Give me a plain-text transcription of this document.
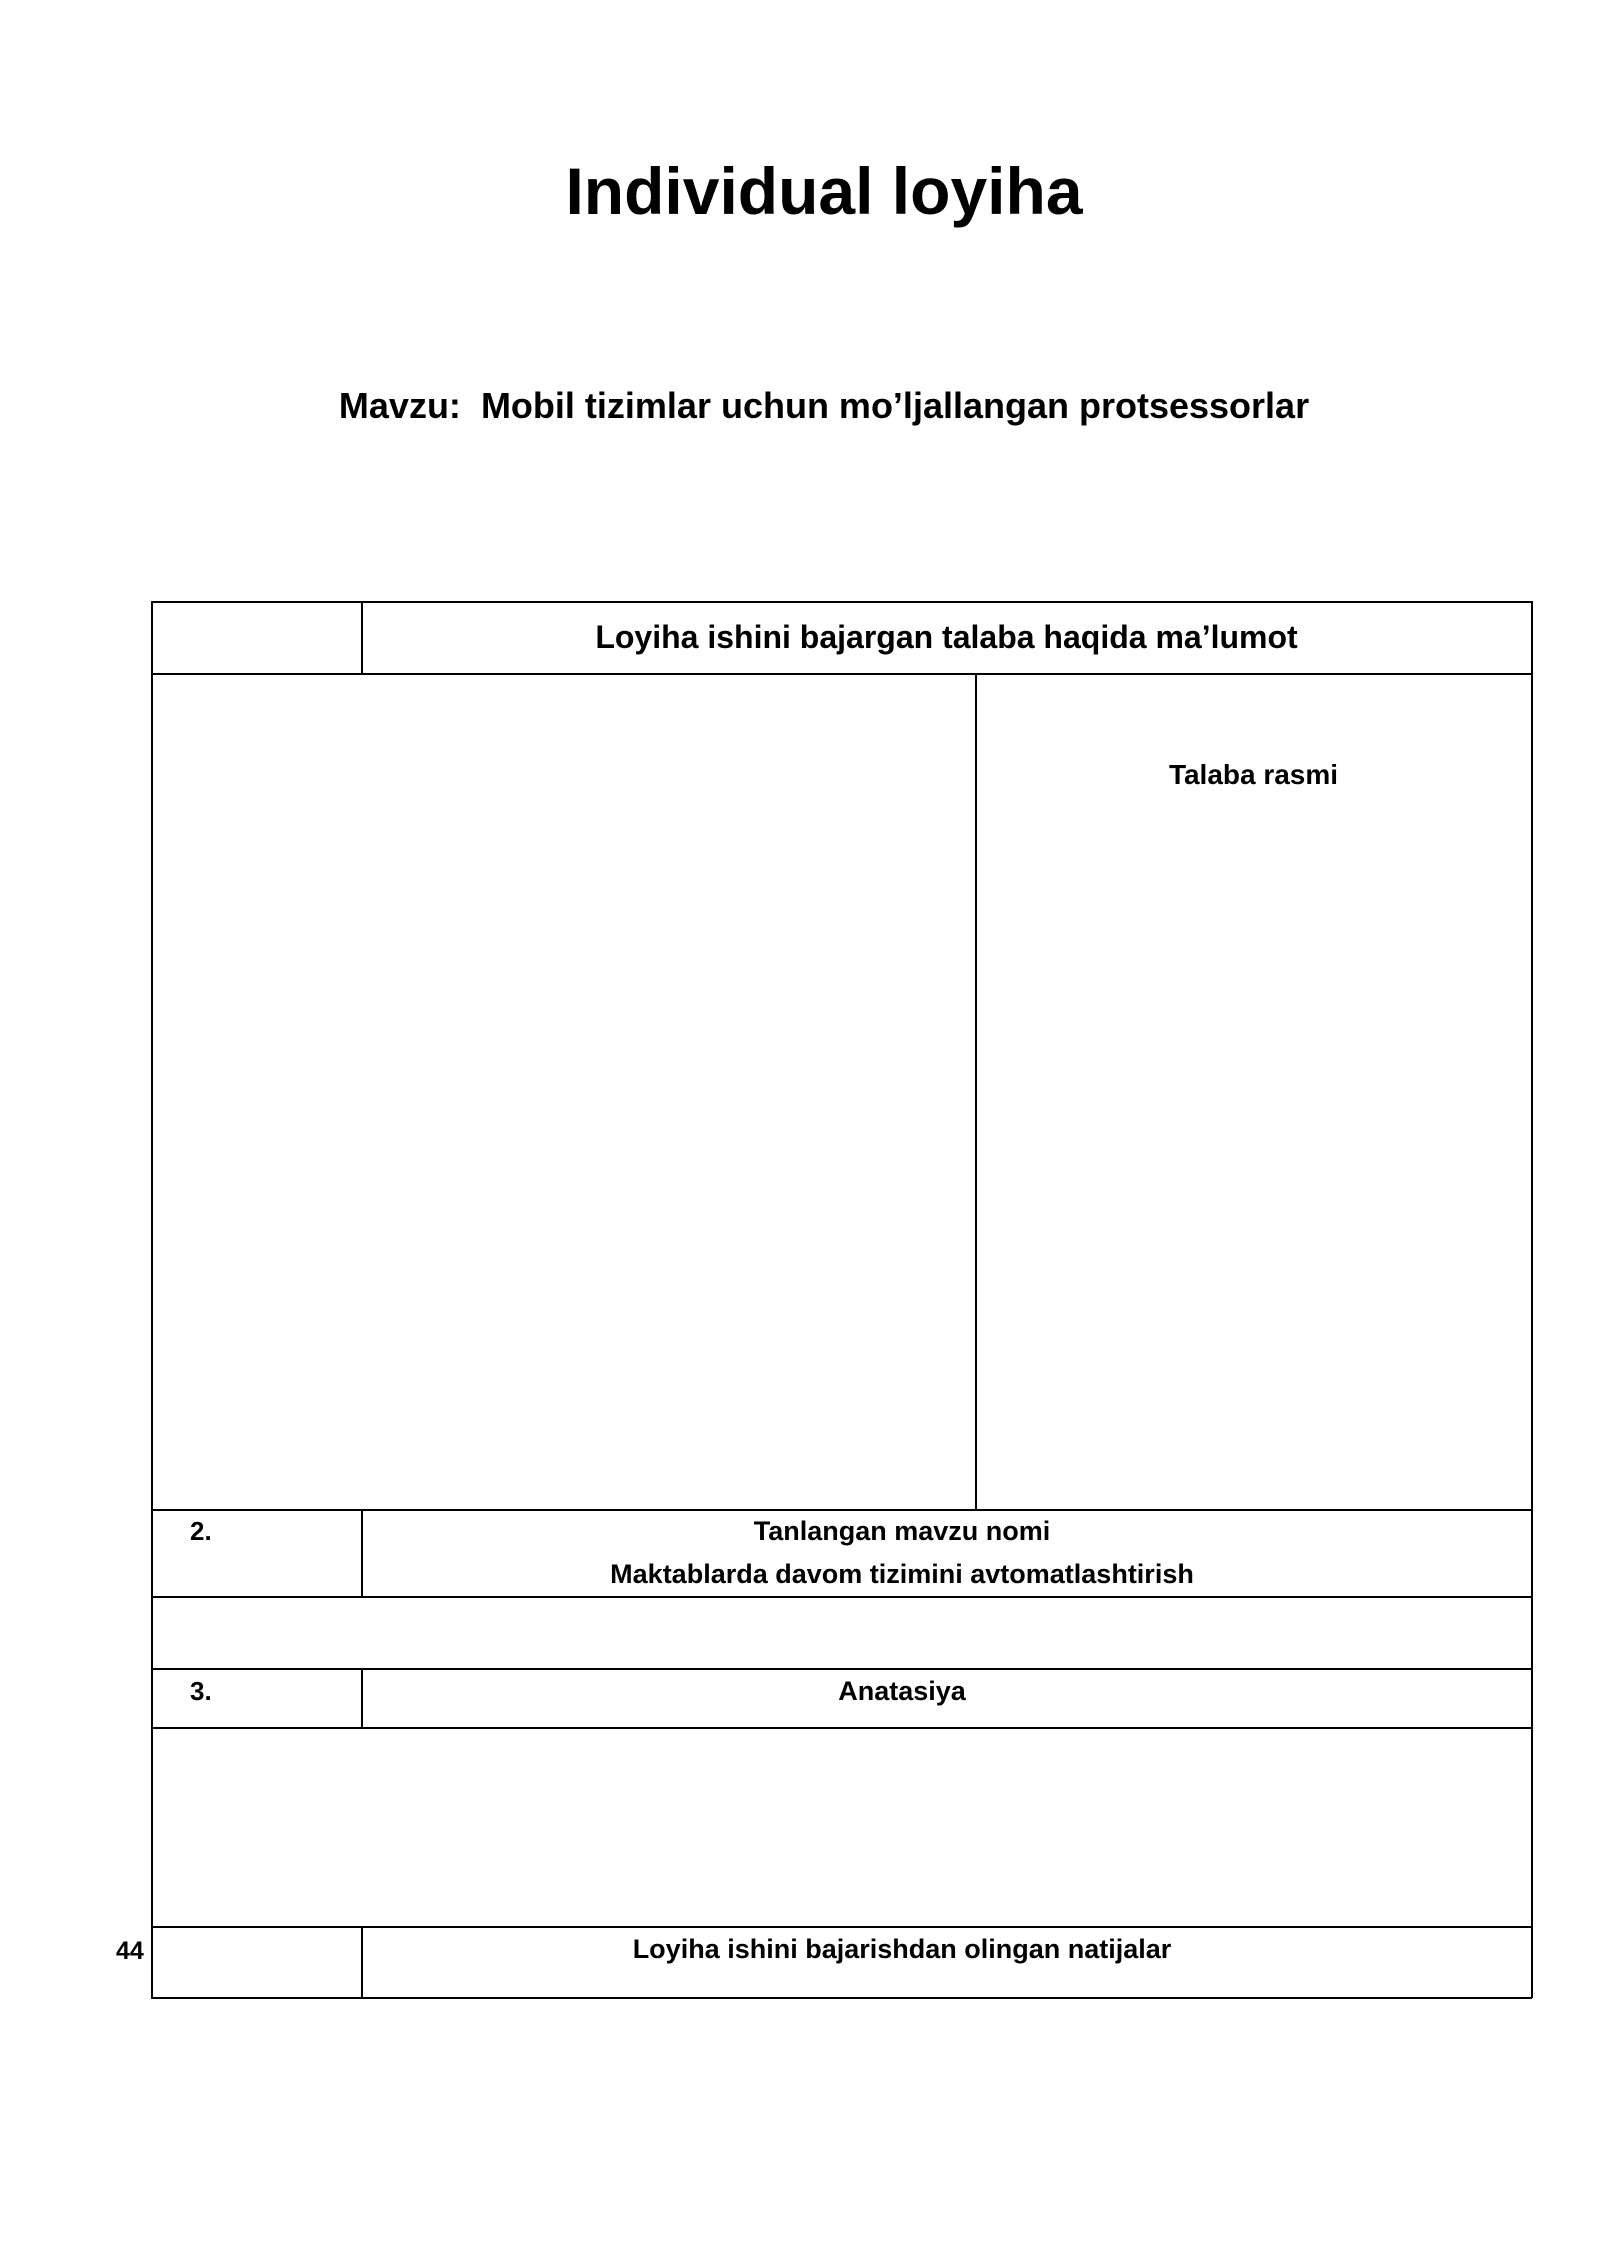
Individual loyiha
Mavzu: Mobil tizimlar uchun mo’ljallangan protsessorlar
Loyiha ishini bajargan talaba haqida ma’lumot
Talaba rasmi
2.	Tanlangan mavzu nomi
Maktablarda davom tizimini avtomatlashtirish
3.	Anatasiya
Loyiha ishini bajarishdan olingan natijalar
44
